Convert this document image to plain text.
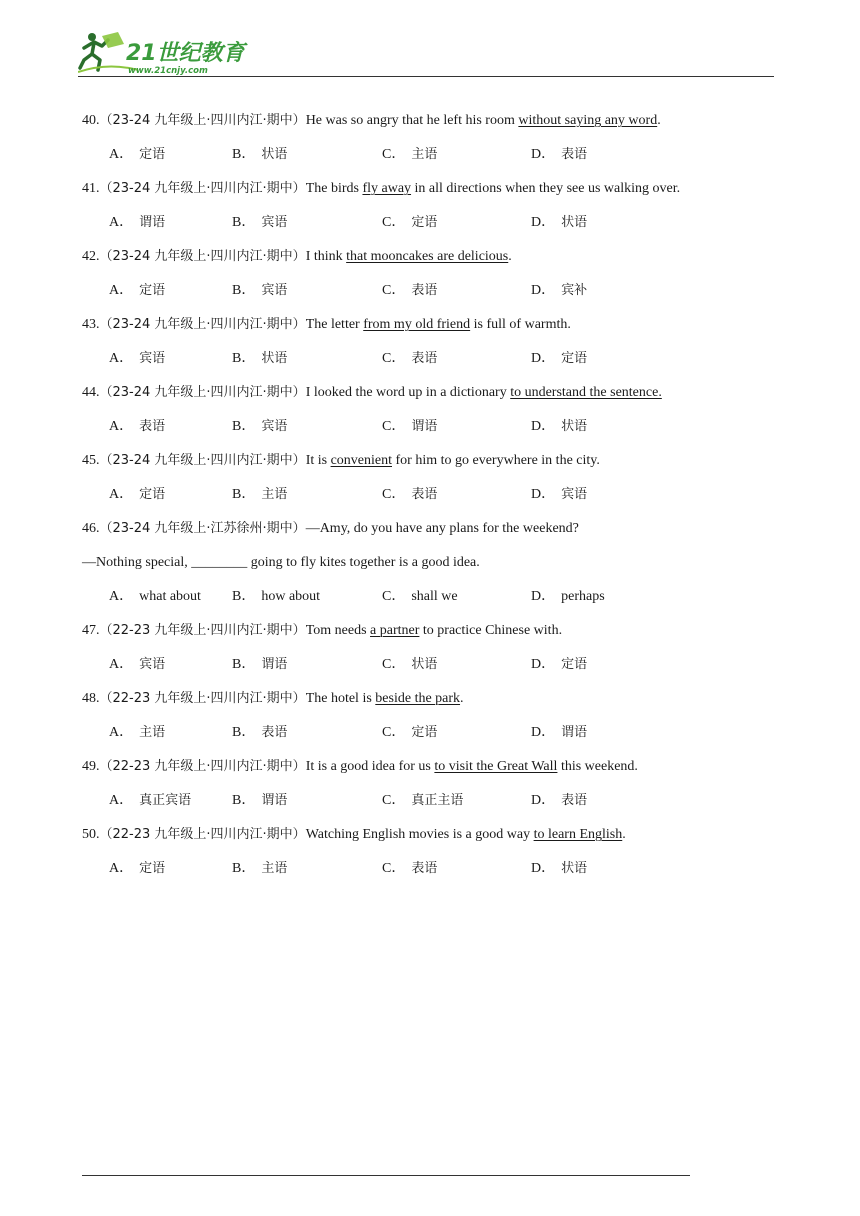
21世纪教育
www.21cnjy.com
40.（23-24 九年级上·四川内江·期中）He was so angry that he left his room without saying any word.
A． 定语	B． 状语	C． 主语	D． 表语
41.（23-24 九年级上·四川内江·期中）The birds fly away in all directions when they see us walking over.
A． 谓语	B． 宾语	C． 定语	D． 状语
42.（23-24 九年级上·四川内江·期中）I think that mooncakes are delicious.
A． 定语	B． 宾语	C． 表语	D． 宾补
43.（23-24 九年级上·四川内江·期中）The letter from my old friend is full of warmth.
A． 宾语	B． 状语	C． 表语	D． 定语
44.（23-24 九年级上·四川内江·期中）I looked the word up in a dictionary to understand the sentence.
A． 表语	B． 宾语	C． 谓语	D． 状语
45.（23-24 九年级上·四川内江·期中）It is convenient for him to go everywhere in the city.
A． 定语	B． 主语	C． 表语	D． 宾语
46.（23-24 九年级上·江苏徐州·期中）—Amy, do you have any plans for the weekend?
—Nothing special, ________ going to fly kites together is a good idea.
A． what about B． how about	C． shall we	D． perhaps
47.（22-23 九年级上·四川内江·期中）Tom needs a partner to practice Chinese with.
A． 宾语	B． 谓语	C． 状语	D． 定语
48.（22-23 九年级上·四川内江·期中）The hotel is beside the park.
A． 主语	B． 表语	C． 定语	D． 谓语
49.（22-23 九年级上·四川内江·期中）It is a good idea for us to visit the Great Wall this weekend.
A． 真正宾语	B． 谓语	C． 真正主语	D． 表语
50.（22-23 九年级上·四川内江·期中）Watching English movies is a good way to learn English.
A． 定语	B． 主语	C． 表语	D． 状语
